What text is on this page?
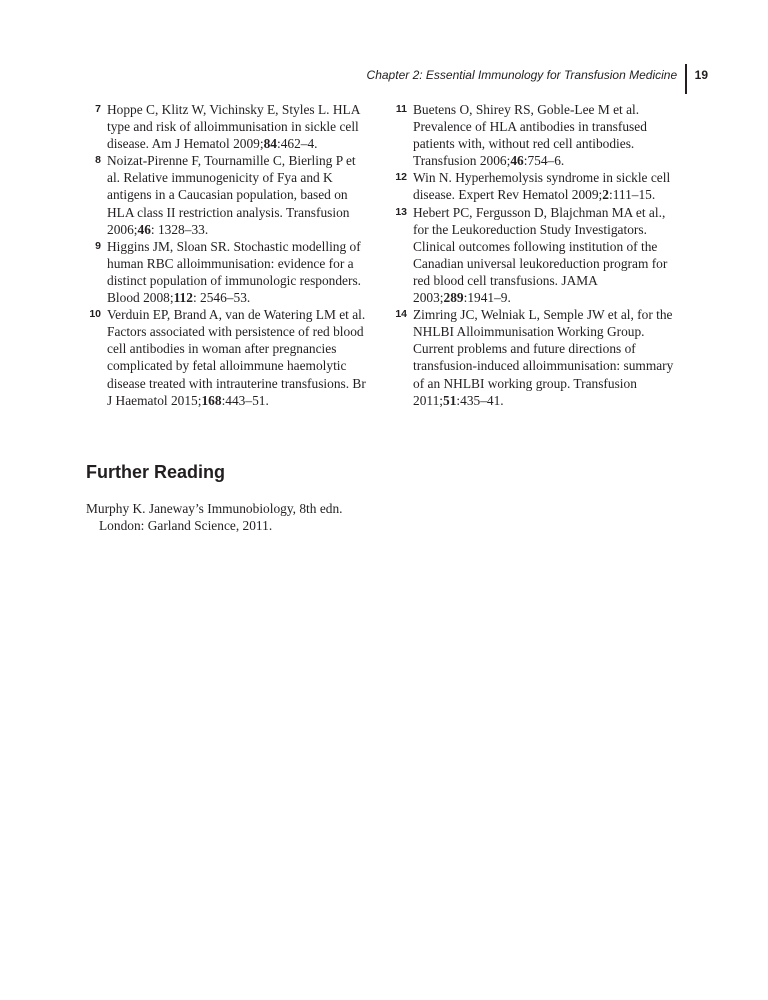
Chapter 2: Essential Immunology for Transfusion Medicine 19
7 Hoppe C, Klitz W, Vichinsky E, Styles L. HLA type and risk of alloimmunisation in sickle cell disease. Am J Hematol 2009;84:462–4.
8 Noizat-Pirenne F, Tournamille C, Bierling P et al. Relative immunogenicity of Fya and K antigens in a Caucasian population, based on HLA class II restriction analysis. Transfusion 2006;46: 1328–33.
9 Higgins JM, Sloan SR. Stochastic modelling of human RBC alloimmunisation: evidence for a distinct population of immunologic responders. Blood 2008;112: 2546–53.
10 Verduin EP, Brand A, van de Watering LM et al. Factors associated with persistence of red blood cell antibodies in woman after pregnancies complicated by fetal alloimmune haemolytic disease treated with intrauterine transfusions. Br J Haematol 2015;168:443–51.
11 Buetens O, Shirey RS, Goble-Lee M et al. Prevalence of HLA antibodies in transfused patients with, without red cell antibodies. Transfusion 2006;46:754–6.
12 Win N. Hyperhemolysis syndrome in sickle cell disease. Expert Rev Hematol 2009;2:111–15.
13 Hebert PC, Fergusson D, Blajchman MA et al., for the Leukoreduction Study Investigators. Clinical outcomes following institution of the Canadian universal leukoreduction program for red blood cell transfusions. JAMA 2003;289:1941–9.
14 Zimring JC, Welniak L, Semple JW et al, for the NHLBI Alloimmunisation Working Group. Current problems and future directions of transfusion-induced alloimmunisation: summary of an NHLBI working group. Transfusion 2011;51:435–41.
Further Reading
Murphy K. Janeway’s Immunobiology, 8th edn. London: Garland Science, 2011.
